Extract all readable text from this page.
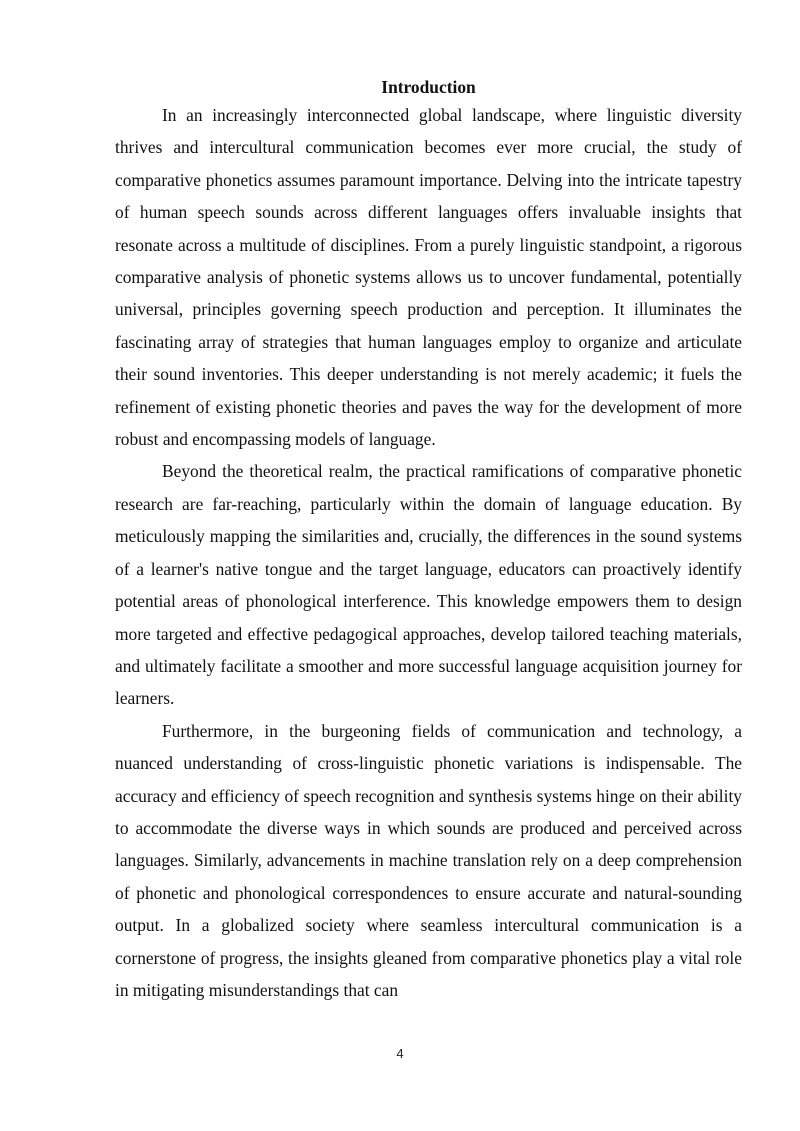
Introduction

In an increasingly interconnected global landscape, where linguistic diversity thrives and intercultural communication becomes ever more crucial, the study of comparative phonetics assumes paramount importance. Delving into the intricate tapestry of human speech sounds across different languages offers invaluable insights that resonate across a multitude of disciplines. From a purely linguistic standpoint, a rigorous comparative analysis of phonetic systems allows us to uncover fundamental, potentially universal, principles governing speech production and perception. It illuminates the fascinating array of strategies that human languages employ to organize and articulate their sound inventories. This deeper understanding is not merely academic; it fuels the refinement of existing phonetic theories and paves the way for the development of more robust and encompassing models of language.

Beyond the theoretical realm, the practical ramifications of comparative phonetic research are far-reaching, particularly within the domain of language education. By meticulously mapping the similarities and, crucially, the differences in the sound systems of a learner's native tongue and the target language, educators can proactively identify potential areas of phonological interference. This knowledge empowers them to design more targeted and effective pedagogical approaches, develop tailored teaching materials, and ultimately facilitate a smoother and more successful language acquisition journey for learners.

Furthermore, in the burgeoning fields of communication and technology, a nuanced understanding of cross-linguistic phonetic variations is indispensable. The accuracy and efficiency of speech recognition and synthesis systems hinge on their ability to accommodate the diverse ways in which sounds are produced and perceived across languages. Similarly, advancements in machine translation rely on a deep comprehension of phonetic and phonological correspondences to ensure accurate and natural-sounding output. In a globalized society where seamless intercultural communication is a cornerstone of progress, the insights gleaned from comparative phonetics play a vital role in mitigating misunderstandings that can

4
